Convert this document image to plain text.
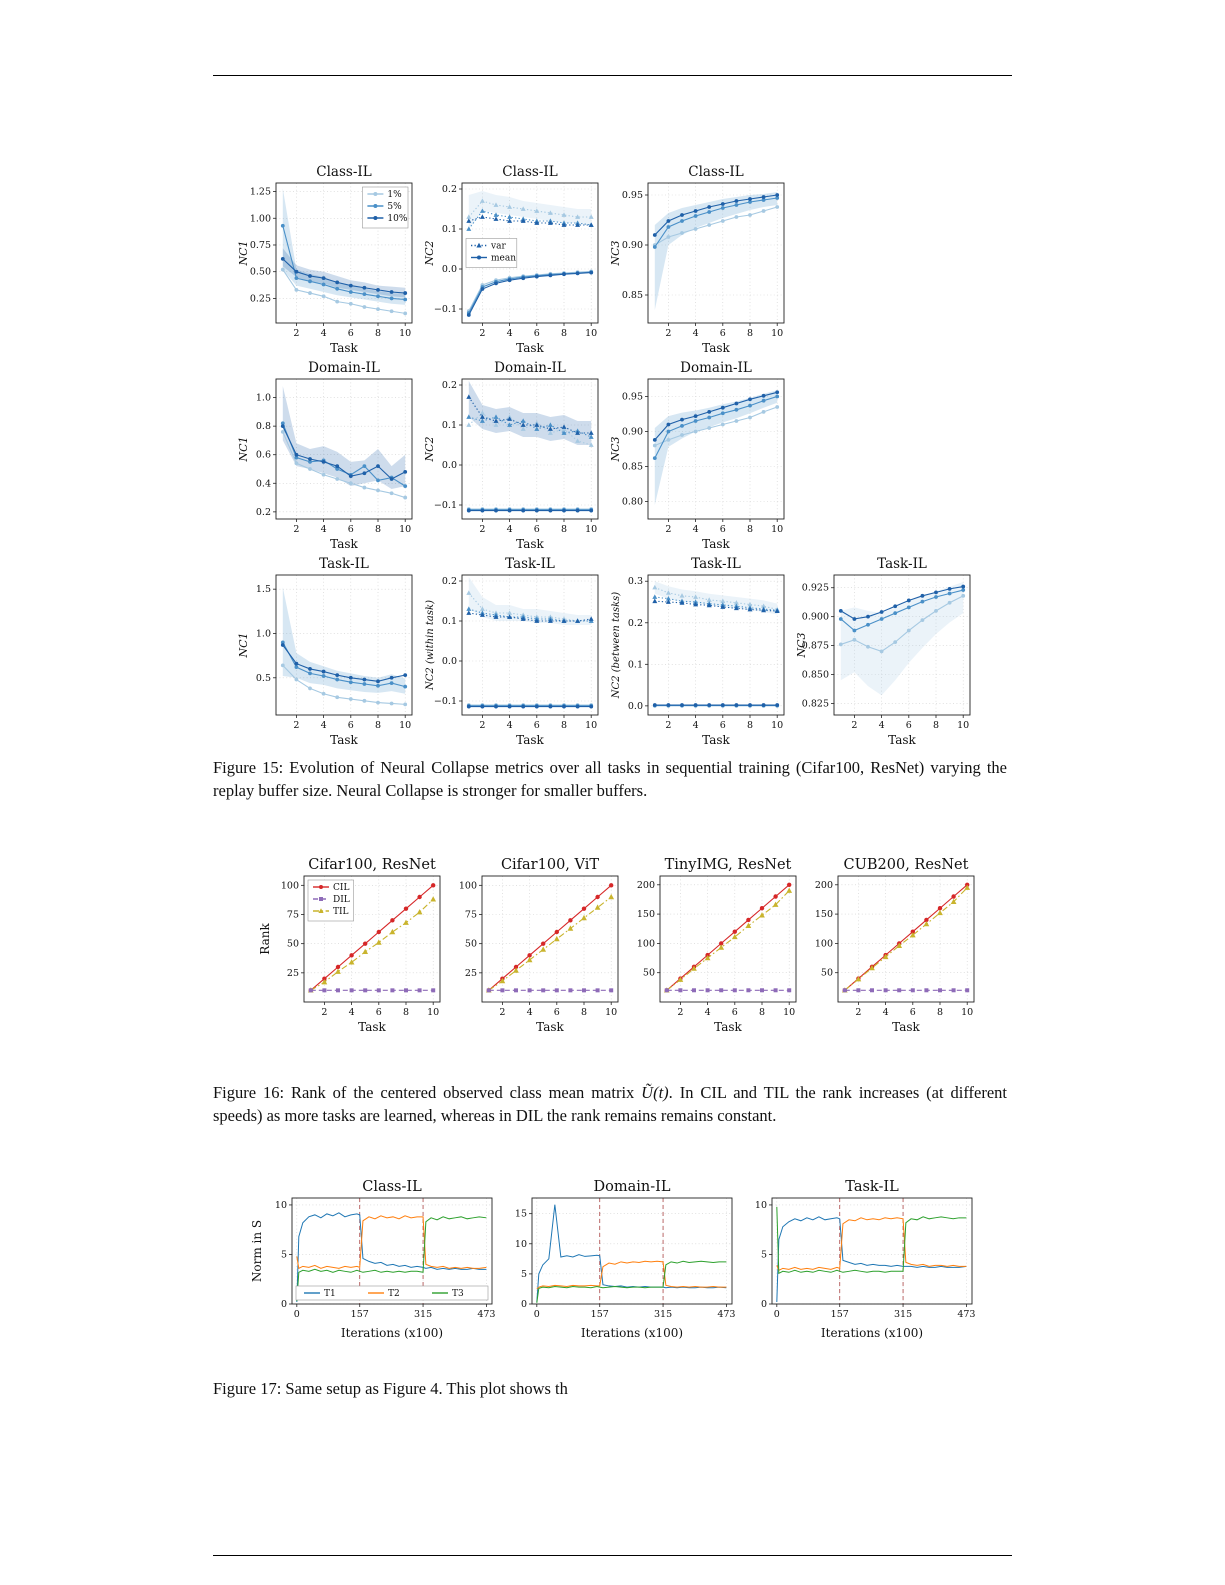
2 4 6 8 10
0.25
0.50
0.75
1.00
1.25
Class-IL
Task
NC1
1%
5%
10%
2 4 6 8 10
−0.1
0.0
0.1
0.2
Class-IL
Task
NC2	var
mean
2 4 6 8 10
0.85
0.90
0.95
Class-IL
Task
NC3
2 4 6 8 10
0.2
0.4
0.6
0.8
1.0
Domain-IL
Task
NC1
2 4 6 8 10
−0.1
0.0
0.1
0.2
Domain-IL
Task
NC2
2 4 6 8 10
0.80
0.85
0.90
0.95
Domain-IL
Task
NC3
2 4 6 8 10
0.5
1.0
1.5
Task-IL
Task
NC1
2 4 6 8 10
−0.1
0.0
0.1
0.2
Task-IL
Task
NC2 (within task)
2 4 6 8 10
0.0
0.1
0.2
0.3
Task-IL
Task
NC2 (between tasks)
2 4 6 8 10
0.825
0.850
0.875
0.900
0.925
Task-IL
Task
NC3

Figure 15: Evolution of Neural Collapse metrics over all tasks in sequential training (Cifar100, ResNet) varying the replay buffer size. Neural Collapse is stronger for smaller buffers.

2 4 6 8 10
25
50
75
100
Cifar100, ResNet
Task
Rank
CIL
DIL
TIL
2 4 6 8 10
25
50
75
100
Cifar100, ViT
Task
2 4 6 8 10
50
100
150
200
TinyIMG, ResNet
Task
2 4 6 8 10
50
100
150
200
CUB200, ResNet
Task

Figure 16: Rank of the centered observed class mean matrix Ũ(t). In CIL and TIL the rank increases (at different speeds) as more tasks are learned, whereas in DIL the rank remains remains constant.

0	157	315	473
0
5
10
Class-IL
Iterations (x100)
Norm in S
T1	T2	T3
0	157	315	473
0
5
10
15
Domain-IL
Iterations (x100)
0	157	315	473
0
5
10
Task-IL
Iterations (x100)

Figure 17: Same setup as Figure 4. This plot shows th
